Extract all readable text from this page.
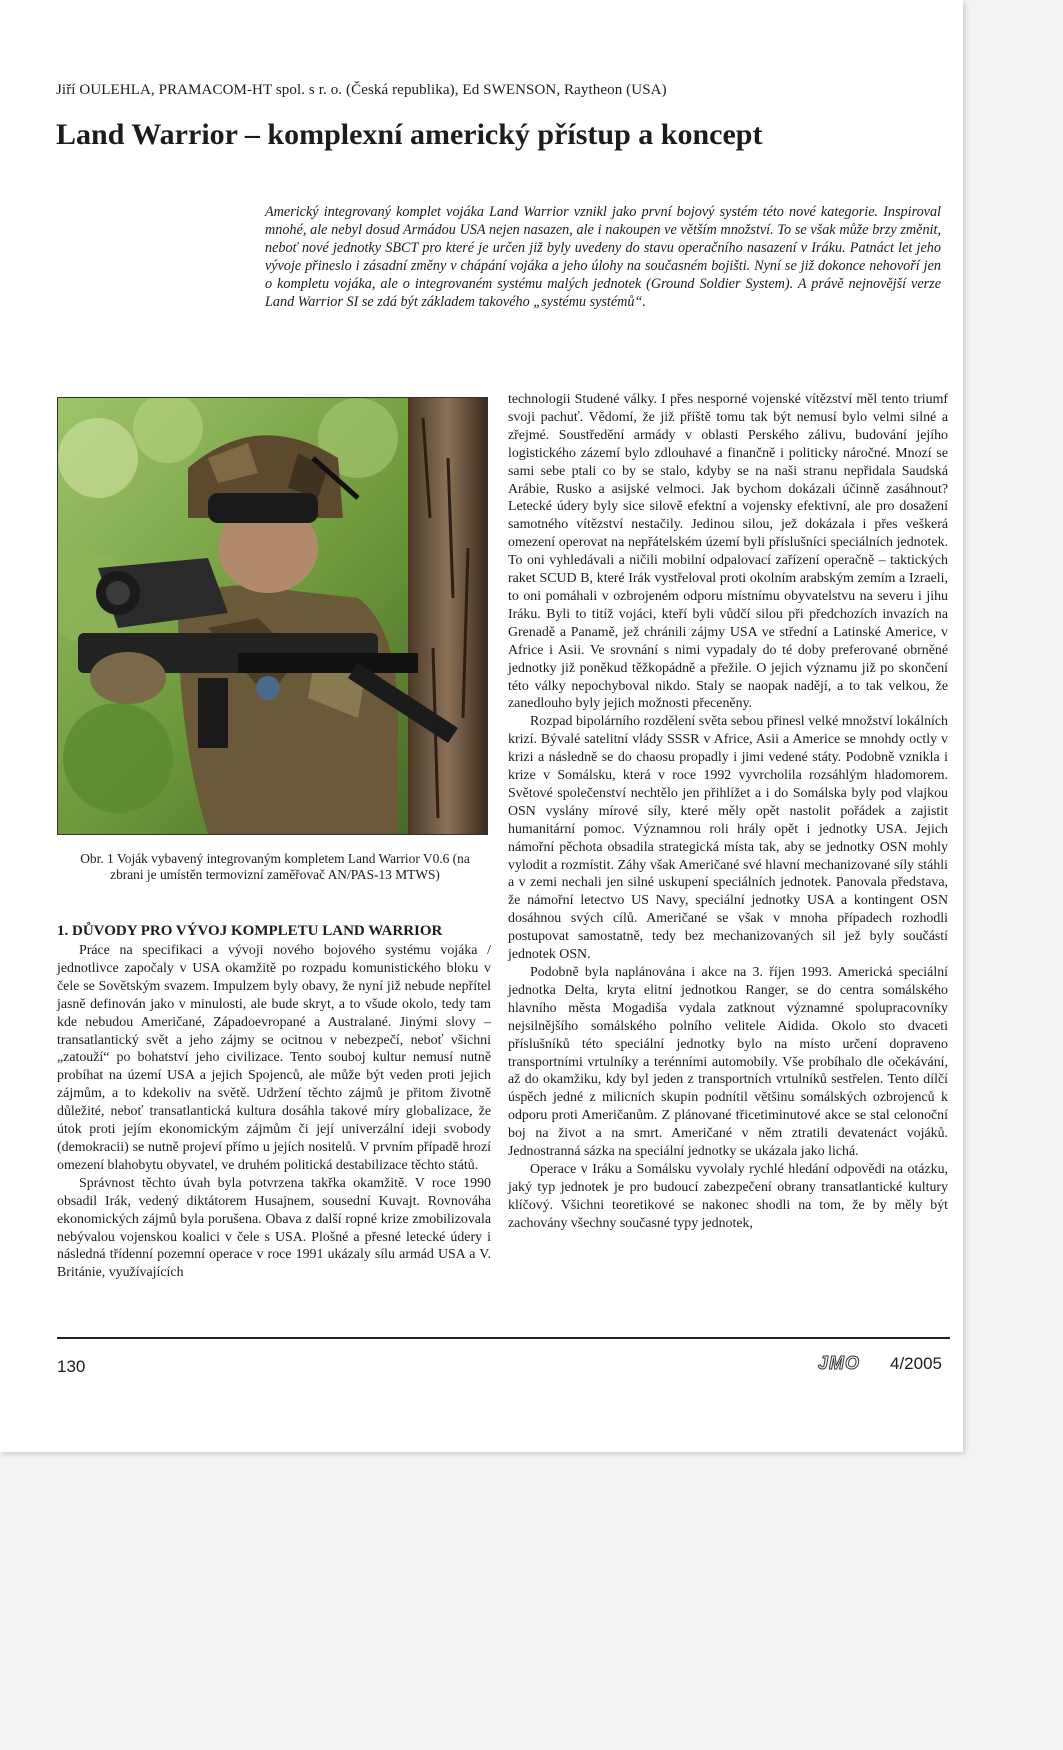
Jiří OULEHLA, PRAMACOM-HT spol. s r. o. (Česká republika), Ed SWENSON, Raytheon (USA)
Land Warrior – komplexní americký přístup a koncept

Americký integrovaný komplet vojáka Land Warrior vznikl jako první bojový systém této nové kategorie. Inspiroval mnohé, ale nebyl dosud Armádou USA nejen nasazen, ale i nakoupen ve větším množství. To se však může brzy změnit, neboť nové jednotky SBCT pro které je určen již byly uvedeny do stavu operačního nasazení v Iráku. Patnáct let jeho vývoje přineslo i zásadní změny v chápání vojáka a jeho úlohy na současném bojišti. Nyní se již dokonce nehovoří jen o kompletu vojáka, ale o integrovaném systému malých jednotek (Ground Soldier System). A právě nejnovější verze Land Warrior SI se zdá být základem takového „systému systémů“.

Obr. 1 Voják vybavený integrovaným kompletem Land Warrior V0.6 (na zbrani je umístěn termovizní zaměřovač AN/PAS-13 MTWS)
1. DŮVODY PRO VÝVOJ KOMPLETU LAND WARRIOR

Práce na specifikaci a vývoji nového bojového systému vojáka / jednotlivce započaly v USA okamžitě po rozpadu komunistického bloku v čele se Sovětským svazem. Impulzem byly obavy, že nyní již nebude nepřítel jasně definován jako v minulosti, ale bude skryt, a to všude okolo, tedy tam kde nebudou Američané, Západoevropané a Australané. Jinými slovy – transatlantický svět a jeho zájmy se ocitnou v nebezpečí, neboť všichni „zatouží“ po bohatství jeho civilizace. Tento souboj kultur nemusí nutně probíhat na území USA a jejich Spojenců, ale může být veden proti jejich zájmům, a to kdekoliv na světě. Udržení těchto zájmů je přitom životně důležité, neboť transatlantická kultura dosáhla takové míry globalizace, že útok proti jejím ekonomickým zájmům či její univerzální ideji svobody (demokracii) se nutně projeví přímo u jejích nositelů. V prvním případě hrozí omezení blahobytu obyvatel, ve druhém politická destabilizace těchto států.

Správnost těchto úvah byla potvrzena takřka okamžitě. V roce 1990 obsadil Irák, vedený diktátorem Husajnem, sousední Kuvajt. Rovnováha ekonomických zájmů byla porušena. Obava z další ropné krize zmobilizovala nebývalou vojenskou koalici v čele s USA. Plošné a přesné letecké údery i následná třídenní pozemní operace v roce 1991 ukázaly sílu armád USA a V. Británie, využívajících

technologii Studené války. I přes nesporné vojenské vítězství měl tento triumf svoji pachuť. Vědomí, že již příště tomu tak být nemusí bylo velmi silné a zřejmé. Soustředění armády v oblasti Perského zálivu, budování jejího logistického zázemí bylo zdlouhavé a finančně i politicky náročné. Mnozí se sami sebe ptali co by se stalo, kdyby se na naši stranu nepřidala Saudská Arábie, Rusko a asijské velmoci. Jak bychom dokázali účinně zasáhnout? Letecké údery byly sice silově efektní a vojensky efektivní, ale pro dosažení samotného vítězství nestačily. Jedinou silou, jež dokázala i přes veškerá omezení operovat na nepřátelském území byli příslušníci speciálních jednotek. To oni vyhledávali a ničili mobilní odpalovací zařízení operačně – taktických raket SCUD B, které Irák vystřeloval proti okolním arabským zemím a Izraeli, to oni pomáhali v ozbrojeném odporu místnímu obyvatelstvu na severu i jihu Iráku. Byli to titíž vojáci, kteří byli vůdčí silou při předchozích invazích na Grenadě a Panamě, jež chránili zájmy USA ve střední a Latinské Americe, v Africe i Asii. Ve srovnání s nimi vypadaly do té doby preferované obrněné jednotky již poněkud těžkopádně a přežile. O jejich významu již po skončení této války nepochyboval nikdo. Staly se naopak nadějí, a to tak velkou, že zanedlouho byly jejich možnosti přeceněny.

Rozpad bipolárního rozdělení světa sebou přinesl velké množství lokálních krizí. Bývalé satelitní vlády SSSR v Africe, Asii a Americe se mnohdy octly v krizi a následně se do chaosu propadly i jimi vedené státy. Podobně vznikla i krize v Somálsku, která v roce 1992 vyvrcholila rozsáhlým hladomorem. Světové společenství nechtělo jen přihlížet a i do Somálska byly pod vlajkou OSN vyslány mírové síly, které měly opět nastolit pořádek a zajistit humanitární pomoc. Významnou roli hrály opět i jednotky USA. Jejich námořní pěchota obsadila strategická místa tak, aby se jednotky OSN mohly vylodit a rozmístit. Záhy však Američané své hlavní mechanizované síly stáhli a v zemi nechali jen silné uskupení speciálních jednotek. Panovala představa, že námořní letectvo US Navy, speciální jednotky USA a kontingent OSN dosáhnou svých cílů. Američané se však v mnoha případech rozhodli postupovat samostatně, tedy bez mechanizovaných sil jež byly součástí jednotek OSN.

Podobně byla naplánována i akce na 3. říjen 1993. Americká speciální jednotka Delta, kryta elitní jednotkou Ranger, se do centra somálského hlavního města Mogadiša vydala zatknout významné spolupracovníky nejsilnějšího somálského polního velitele Aidida. Okolo sto dvaceti příslušníků této speciální jednotky bylo na místo určení dopraveno transportními vrtulníky a terénními automobily. Vše probíhalo dle očekávání, až do okamžiku, kdy byl jeden z transportních vrtulníků sestřelen. Tento dílčí úspěch jedné z milicních skupin podnítil většinu somálských ozbrojenců k odporu proti Američanům. Z plánované třicetiminutové akce se stal celonoční boj na život a na smrt. Američané v něm ztratili devatenáct vojáků. Jednostranná sázka na speciální jednotky se ukázala jako lichá.

Operace v Iráku a Somálsku vyvolaly rychlé hledání odpovědi na otázku, jaký typ jednotek je pro budoucí zabezpečení obrany transatlantické kultury klíčový. Všichni teoretikové se nakonec shodli na tom, že by měly být zachovány všechny současné typy jednotek,

130	JMO 4/2005
